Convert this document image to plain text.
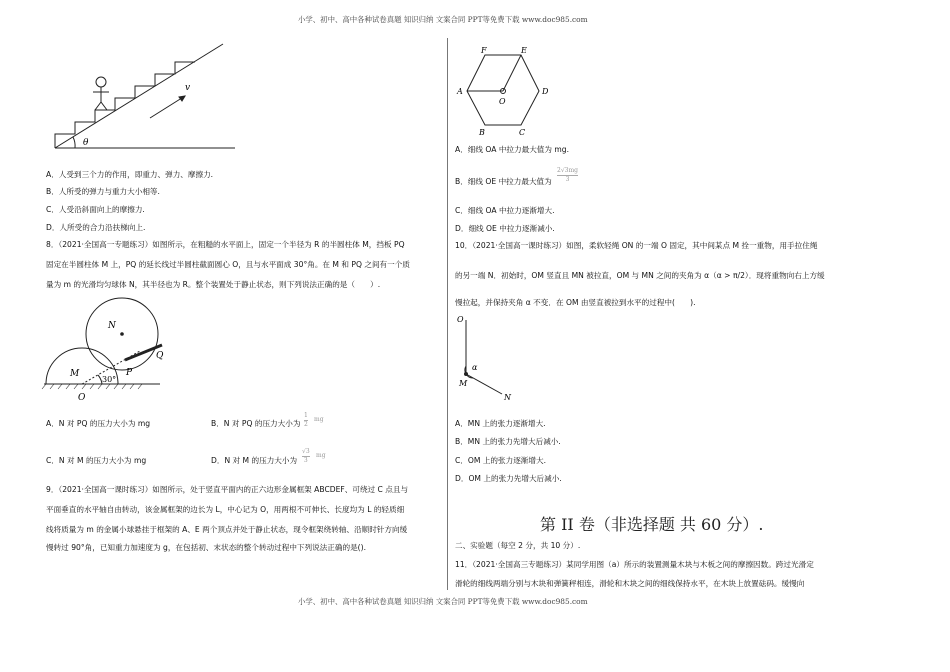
小学、初中、高中各种试卷真题 知识归纳 文案合同 PPT等免费下载 www.doc985.com
v
θ
A．人受到三个力的作用，即重力、弹力、摩擦力.
B．人所受的弹力与重力大小相等.
C．人受沿斜面向上的摩擦力.
D．人所受的合力沿扶梯向上.
8．（2021·全国高一专题练习）如图所示，在粗糙的水平面上，固定一个半径为 R 的半圆柱体 M，挡板 PQ
固定在半圆柱体 M 上，PQ 的延长线过半圆柱截面圆心 O，且与水平面成 30°角。在 M 和 PQ 之间有一个质
量为 m 的光滑均匀球体 N，其半径也为 R。整个装置处于静止状态，则下列说法正确的是（　　）.
N
M
O
P
Q
30°
A．N 对 PQ 的压力大小为 mg	B．N 对 PQ 的压力大小为 $\frac{1}{2}$ mg
C．N 对 M 的压力大小为 mg	D．N 对 M 的压力大小为 $\frac{√3}{3}$ mg
9．（2021·全国高一课时练习）如图所示，处于竖直平面内的正六边形金属框架 ABCDEF、可绕过 C 点且与
平面垂直的水平轴自由转动，该金属框架的边长为 L，中心记为 O，用两根不可伸长、长度均为 L 的轻质细
线将质量为 m 的金属小球悬挂于框架的 A、E 两个顶点并处于静止状态，现令框架绕转轴、沿顺时针方向缓
慢转过 90°角，已知重力加速度为 g，在包括初、末状态的整个转动过程中下列说法正确的是().
F	E
A	D
O
B	C
A．细线 OA 中拉力最大值为 mg.
B．细线 OE 中拉力最大值为 $\frac{2√3mg}{3}$
C．细线 OA 中拉力逐渐增大.
D．细线 OE 中拉力逐渐减小.
10．（2021·全国高一课时练习）如图，柔软轻绳 ON 的一端 O 固定，其中间某点 M 拴一重物，用手拉住绳
的另一端 N．初始时，OM 竖直且 MN 被拉直，OM 与 MN 之间的夹角为 α（α > π/2）．现将重物向右上方缓
慢拉起，并保持夹角 α 不变．在 OM 由竖直被拉到水平的过程中(　　).
O
M
N
α
A．MN 上的张力逐渐增大.
B．MN 上的张力先增大后减小.
C．OM 上的张力逐渐增大.
D．OM 上的张力先增大后减小.
第 II 卷（非选择题 共 60 分）.
二、实验题（每空 2 分，共 10 分）.
11．（2021·全国高三专题练习）某同学用图（a）所示的装置测量木块与木板之间的摩擦因数。跨过光滑定
滑轮的细线两端分别与木块和弹簧秤相连，滑轮和木块之间的细线保持水平，在木块上放置砝码。缓慢向
小学、初中、高中各种试卷真题 知识归纳 文案合同 PPT等免费下载 www.doc985.com
